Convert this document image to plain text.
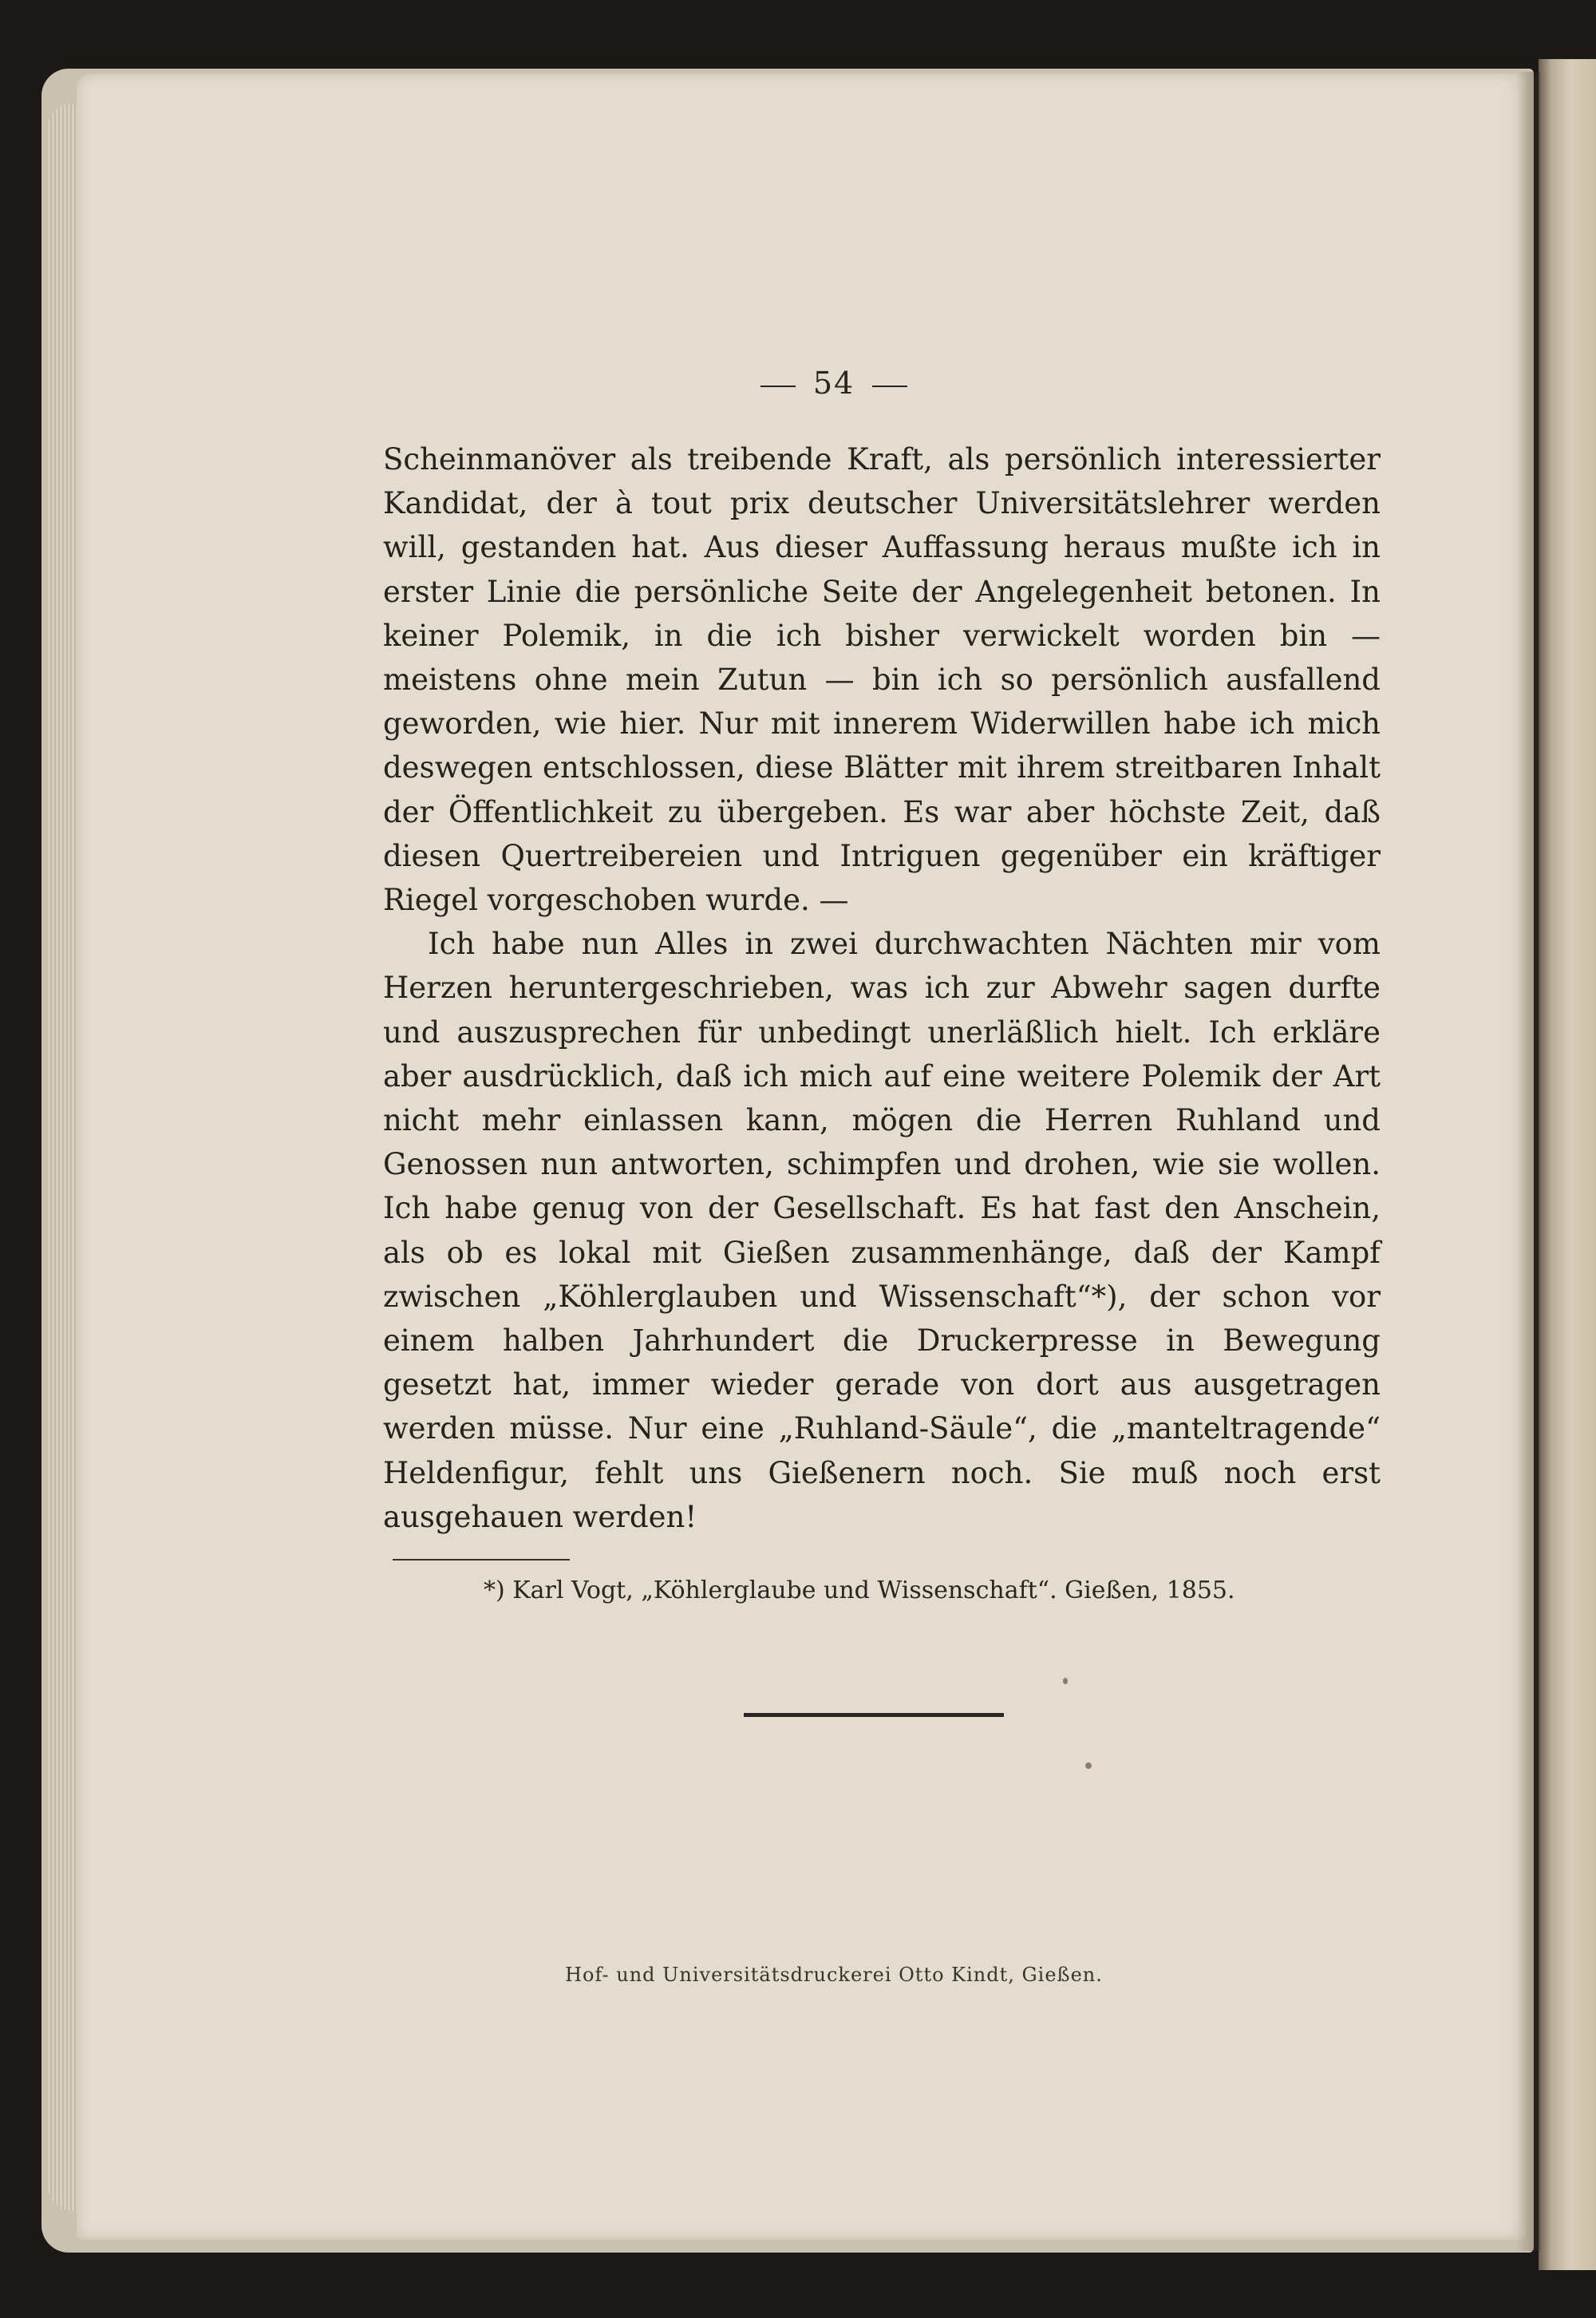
54

Scheinmanöver als treibende Kraft, als persönlich interessierter Kandidat, der à tout prix deutscher Universitätslehrer werden will, gestanden hat. Aus dieser Auffassung heraus mußte ich in erster Linie die persönliche Seite der Angelegenheit betonen. In keiner Polemik, in die ich bisher verwickelt worden bin — meistens ohne mein Zutun — bin ich so persönlich ausfallend geworden, wie hier. Nur mit innerem Widerwillen habe ich mich deswegen entschlossen, diese Blätter mit ihrem streitbaren Inhalt der Öffentlichkeit zu übergeben. Es war aber höchste Zeit, daß diesen Quertreibereien und Intriguen gegenüber ein kräftiger Riegel vorgeschoben wurde. —

Ich habe nun Alles in zwei durchwachten Nächten mir vom Herzen heruntergeschrieben, was ich zur Abwehr sagen durfte und auszusprechen für unbedingt unerläßlich hielt. Ich erkläre aber ausdrücklich, daß ich mich auf eine weitere Polemik der Art nicht mehr einlassen kann, mögen die Herren Ruhland und Genossen nun antworten, schimpfen und drohen, wie sie wollen. Ich habe genug von der Gesellschaft. Es hat fast den Anschein, als ob es lokal mit Gießen zusammenhänge, daß der Kampf zwischen „Köhlerglauben und Wissenschaft“*), der schon vor einem halben Jahrhundert die Druckerpresse in Bewegung gesetzt hat, immer wieder gerade von dort aus ausgetragen werden müsse. Nur eine „Ruhland-Säule“, die „manteltragende“ Heldenfigur, fehlt uns Gießenern noch. Sie muß noch erst ausgehauen werden!

*) Karl Vogt, „Köhlerglaube und Wissenschaft“. Gießen, 1855.
Hof- und Universitätsdruckerei Otto Kindt, Gießen.
